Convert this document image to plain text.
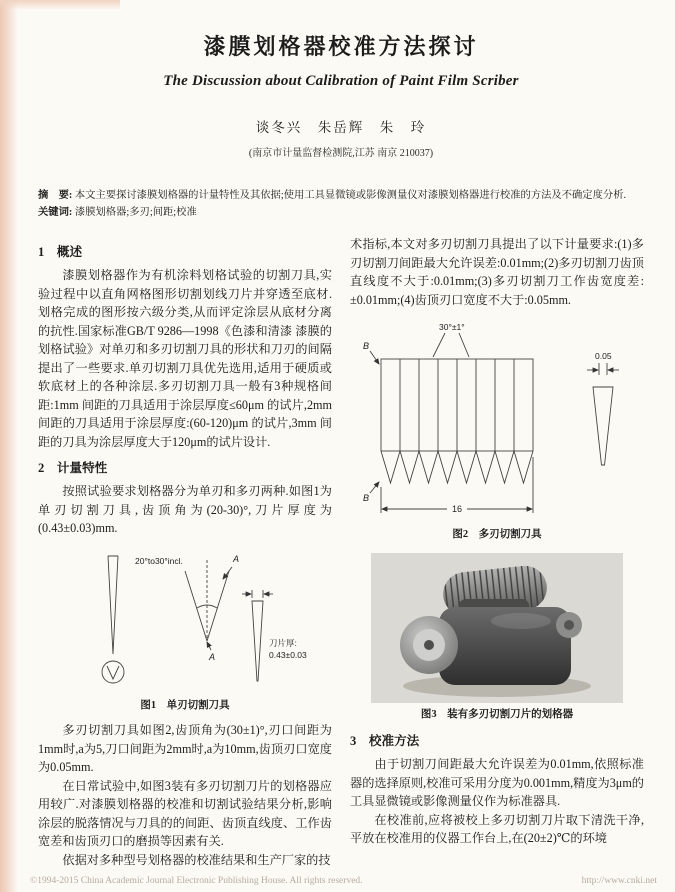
漆膜划格器校准方法探讨
The Discussion about Calibration of Paint Film Scriber
谈冬兴　朱岳辉　朱　玲
(南京市计量监督检测院,江苏 南京 210037)
摘　要: 本文主要探讨漆膜划格器的计量特性及其依据;使用工具显微镜或影像测量仪对漆膜划格器进行校准的方法及不确定度分析.
关键词: 漆膜划格器;多刃;间距;校准
1　概述

漆膜划格器作为有机涂料划格试验的切割刀具,实验过程中以直角网格图形切割划线刀片并穿透至底材.划格完成的图形按六级分类,从而评定涂层从底材分离的抗性.国家标准GB/T 9286—1998《色漆和清漆 漆膜的划格试验》对单刃和多刃切割刀具的形状和刀刃的间隔提出了一些要求.单刃切割刀具优先选用,适用于硬质或软底材上的各种涂层.多刃切割刀具一般有3种规格间距:1mm 间距的刀具适用于涂层厚度≤60μm 的试片,2mm 间距的刀具适用于涂层厚度:(60-120)μm 的试片,3mm 间距的刀具为涂层厚度大于120μm的试片设计.

2　计量特性

按照试验要求划格器分为单刃和多刃两种.如图1为单刃切割刀具,齿顶角为(20-30)°,刀片厚度为(0.43±0.03)mm.

20°to30°incl.	A
A
刀片厚:
0.43±0.03
图1　单刃切割刀具

多刃切割刀具如图2,齿顶角为(30±1)°,刃口间距为1mm时,a为5,刀口间距为2mm时,a为10mm,齿顶刃口宽度为0.05mm.

在日常试验中,如图3装有多刃切割刀片的划格器应用较广.对漆膜划格器的校准和切割试验结果分析,影响涂层的脱落情况与刀具的的间距、齿顶直线度、工作齿宽差和齿顶刃口的磨损等因素有关.

依据对多种型号划格器的校准结果和生产厂家的技

术指标,本文对多刃切割刀具提出了以下计量要求:(1)多刃切割刀间距最大允许误差:0.01mm;(2)多刃切割刀齿顶直线度不大于:0.01mm;(3)多刃切割刀工作齿宽度差:±0.01mm;(4)齿顶刃口宽度不大于:0.05mm.

30°±1°
B
B
16
0.05
图2　多刃切割刀具
图3　装有多刃切割刀片的划格器
3　校准方法

由于切割刀间距最大允许误差为0.01mm,依照标准器的选择原则,校准可采用分度为0.001mm,精度为3μm的工具显微镜或影像测量仪作为标准器具.

在校准前,应将被校上多刃切割刀片取下清洗干净,平放在校准用的仪器工作台上,在(20±2)℃的环境

©1994-2015 China Academic Journal Electronic Publishing House. All rights reserved.	http://www.cnki.net
